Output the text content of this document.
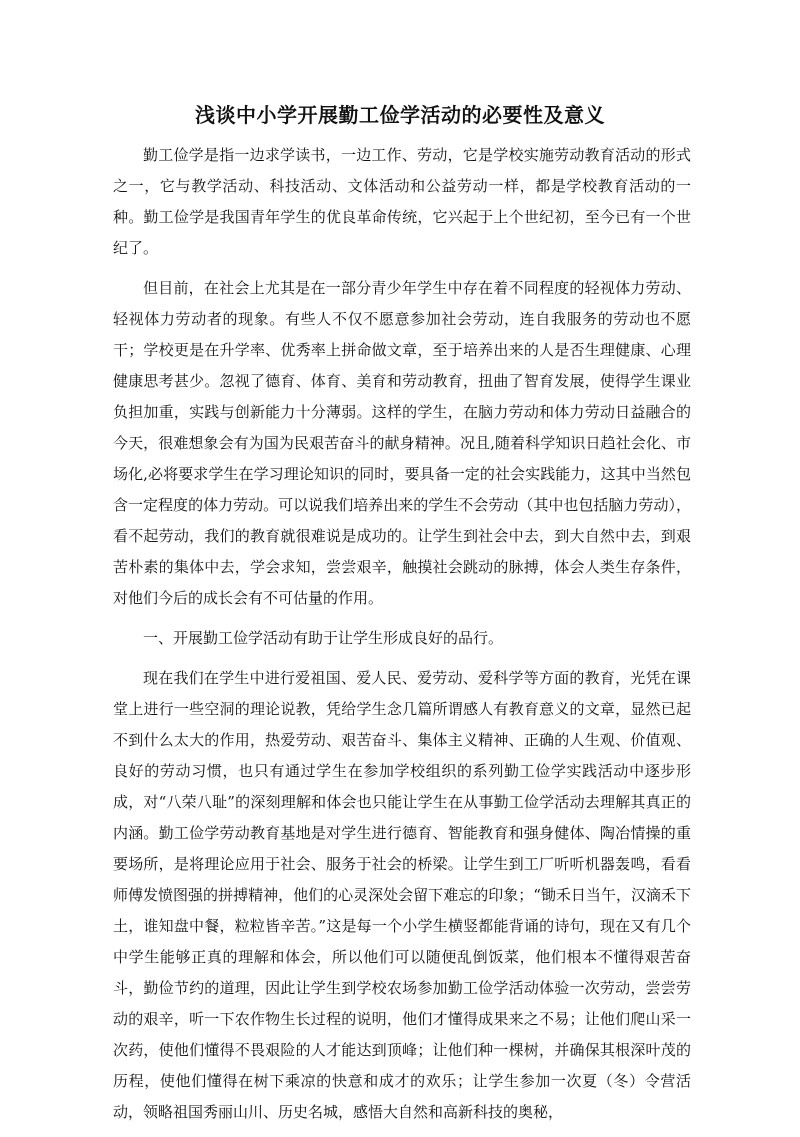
浅谈中小学开展勤工俭学活动的必要性及意义

勤工俭学是指一边求学读书，一边工作、劳动，它是学校实施劳动教育活动的形式之一，它与教学活动、科技活动、文体活动和公益劳动一样，都是学校教育活动的一种。勤工俭学是我国青年学生的优良革命传统，它兴起于上个世纪初，至今已有一个世纪了。

但目前，在社会上尤其是在一部分青少年学生中存在着不同程度的轻视体力劳动、轻视体力劳动者的现象。有些人不仅不愿意参加社会劳动，连自我服务的劳动也不愿干；学校更是在升学率、优秀率上拼命做文章，至于培养出来的人是否生理健康、心理健康思考甚少。忽视了德育、体育、美育和劳动教育，扭曲了智育发展，使得学生课业负担加重，实践与创新能力十分薄弱。这样的学生，在脑力劳动和体力劳动日益融合的今天，很难想象会有为国为民艰苦奋斗的献身精神。况且,随着科学知识日趋社会化、市场化,必将要求学生在学习理论知识的同时，要具备一定的社会实践能力，这其中当然包含一定程度的体力劳动。可以说我们培养出来的学生不会劳动（其中也包括脑力劳动），看不起劳动，我们的教育就很难说是成功的。让学生到社会中去，到大自然中去，到艰苦朴素的集体中去，学会求知，尝尝艰辛，触摸社会跳动的脉搏，体会人类生存条件，对他们今后的成长会有不可估量的作用。

一、开展勤工俭学活动有助于让学生形成良好的品行。

现在我们在学生中进行爱祖国、爱人民、爱劳动、爱科学等方面的教育，光凭在课堂上进行一些空洞的理论说教，凭给学生念几篇所谓感人有教育意义的文章，显然已起不到什么太大的作用，热爱劳动、艰苦奋斗、集体主义精神、正确的人生观、价值观、良好的劳动习惯，也只有通过学生在参加学校组织的系列勤工俭学实践活动中逐步形成，对“八荣八耻”的深刻理解和体会也只能让学生在从事勤工俭学活动去理解其真正的内涵。勤工俭学劳动教育基地是对学生进行德育、智能教育和强身健体、陶冶情操的重要场所，是将理论应用于社会、服务于社会的桥梁。让学生到工厂听听机器轰鸣，看看师傅发愤图强的拼搏精神，他们的心灵深处会留下难忘的印象；“锄禾日当午，汉滴禾下土，谁知盘中餐，粒粒皆辛苦。”这是每一个小学生横竖都能背诵的诗句，现在又有几个中学生能够正真的理解和体会，所以他们可以随便乱倒饭菜，他们根本不懂得艰苦奋斗，勤俭节约的道理，因此让学生到学校农场参加勤工俭学活动体验一次劳动，尝尝劳动的艰辛，听一下农作物生长过程的说明，他们才懂得成果来之不易；让他们爬山采一次药，使他们懂得不畏艰险的人才能达到顶峰；让他们种一棵树，并确保其根深叶茂的历程，使他们懂得在树下乘凉的快意和成才的欢乐；让学生参加一次夏（冬）令营活动，领略祖国秀丽山川、历史名城，感悟大自然和高新科技的奥秘，
